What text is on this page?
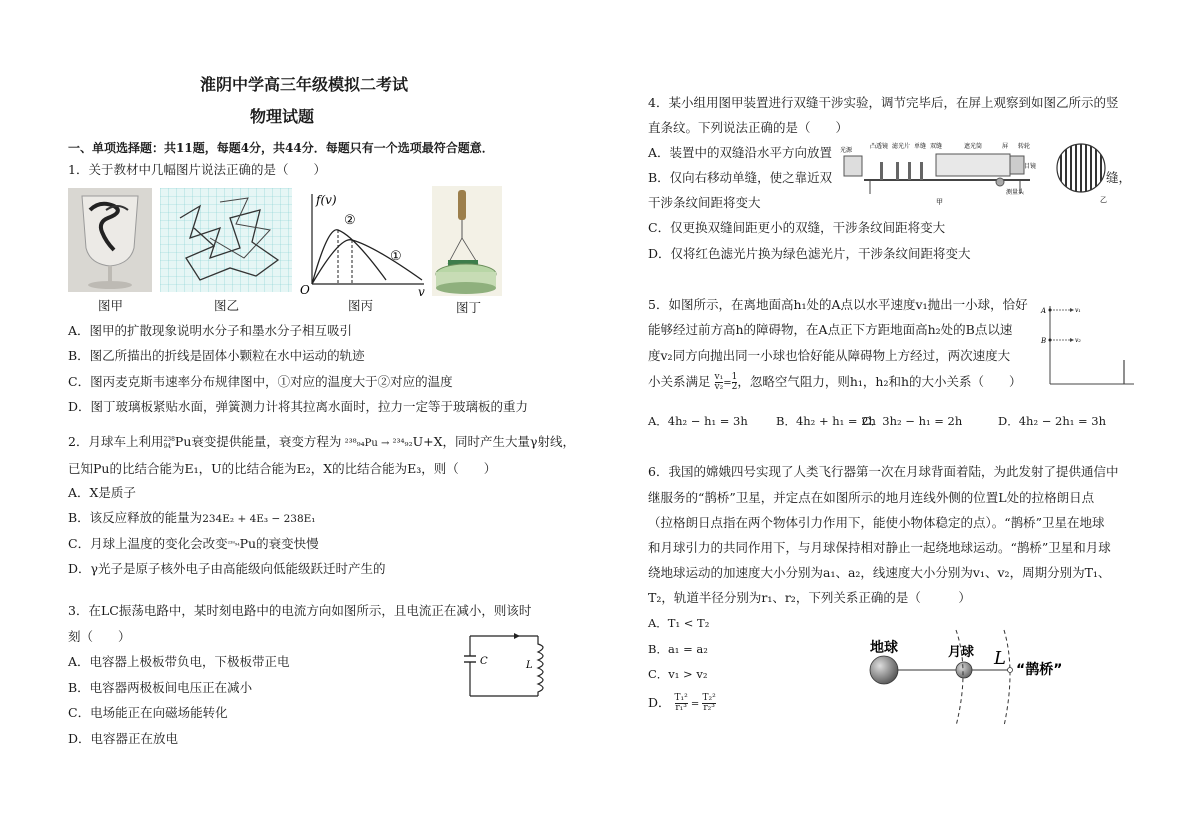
淮阴中学高三年级模拟二考试
物理试题
一、单项选择题：共11题，每题4分，共44分．每题只有一个选项最符合题意．
1．关于教材中几幅图片说法正确的是（　　）
图甲	图乙
f(v)
②
①
O	v
图丙	图丁
A．图甲的扩散现象说明水分子和墨水分子相互吸引
B．图乙所描出的折线是固体小颗粒在水中运动的轨迹
C．图丙麦克斯韦速率分布规律图中，①对应的温度大于②对应的温度
D．图丁玻璃板紧贴水面，弹簧测力计将其拉离水面时，拉力一定等于玻璃板的重力
2．月球车上利用 238
94 Pu衰变提供能量，衰变方程为 ²³⁸₉₄Pu → ²³⁴₉₂U+X，同时产生大量γ射线，
已知Pu的比结合能为E₁，U的比结合能为E₂，X的比结合能为E₃，则（　　）
A．X是质子
B．该反应释放的能量为234E₂ + 4E₃ − 238E₁
C．月球上温度的变化会改变²³⁸₉₄Pu的衰变快慢
D．γ光子是原子核外电子由高能级向低能级跃迁时产生的
3．在LC振荡电路中，某时刻电路中的电流方向如图所示，且电流正在减小，则该时
刻（　　）
C	L
A．电容器上极板带负电，下极板带正电
B．电容器两极板间电压正在减小
C．电场能正在向磁场能转化
D．电容器正在放电
4．某小组用图甲装置进行双缝干涉实验，调节完毕后，在屏上观察到如图乙所示的竖
直条纹。下列说法正确的是（　　）
A．装置中的双缝沿水平方向放置
B．仅向右移动单缝，使之靠近双	缝，
干涉条纹间距将变大
光源
凸透镜 滤光片 单缝 双缝	遮光筒	屏 转轮
目镜
测量头
甲	乙
C．仅更换双缝间距更小的双缝，干涉条纹间距将变大
D．仅将红色滤光片换为绿色滤光片，干涉条纹间距将变大
5．如图所示，在离地面高h₁处的A点以水平速度v₁抛出一小球，恰好
能够经过前方高h的障碍物，在A点正下方距地面高h₂处的B点以速
度v₂同方向抛出同一小球也恰好能从障碍物上方经过，两次速度大
小关系满足 $\frac{\text{v₁}}{\text{v₂}} = \frac{1}{2}$ ，忽略空气阻力，则h₁，h₂和h的大小关系（　　）
A
B
v₁
v₂
A．4h₂ − h₁ = 3h B．4h₂ + h₁ = 2h
C．3h₂ − h₁ = 2h	D．4h₂ − 2h₁ = 3h
6．我国的嫦娥四号实现了人类飞行器第一次在月球背面着陆，为此发射了提供通信中
继服务的“鹊桥”卫星，并定点在如图所示的地月连线外侧的位置L处的拉格朗日点
（拉格朗日点指在两个物体引力作用下，能使小物体稳定的点）。“鹊桥”卫星在地球
和月球引力的共同作用下，与月球保持相对静止一起绕地球运动。“鹊桥”卫星和月球
绕地球运动的加速度大小分别为a₁、a₂，线速度大小分别为v₁、v₂，周期分别为T₁、
T₂，轨道半径分别为r₁、r₂，下列关系正确的是（　　　）
A．T₁ < T₂
B．a₁ = a₂
C．v₁ > v₂
D． $\frac{\text{T₁²}}{\text{r₁³}} = \frac{\text{T₂²}}{\text{r₂³}}$
地球	月球 L
“鹊桥”
